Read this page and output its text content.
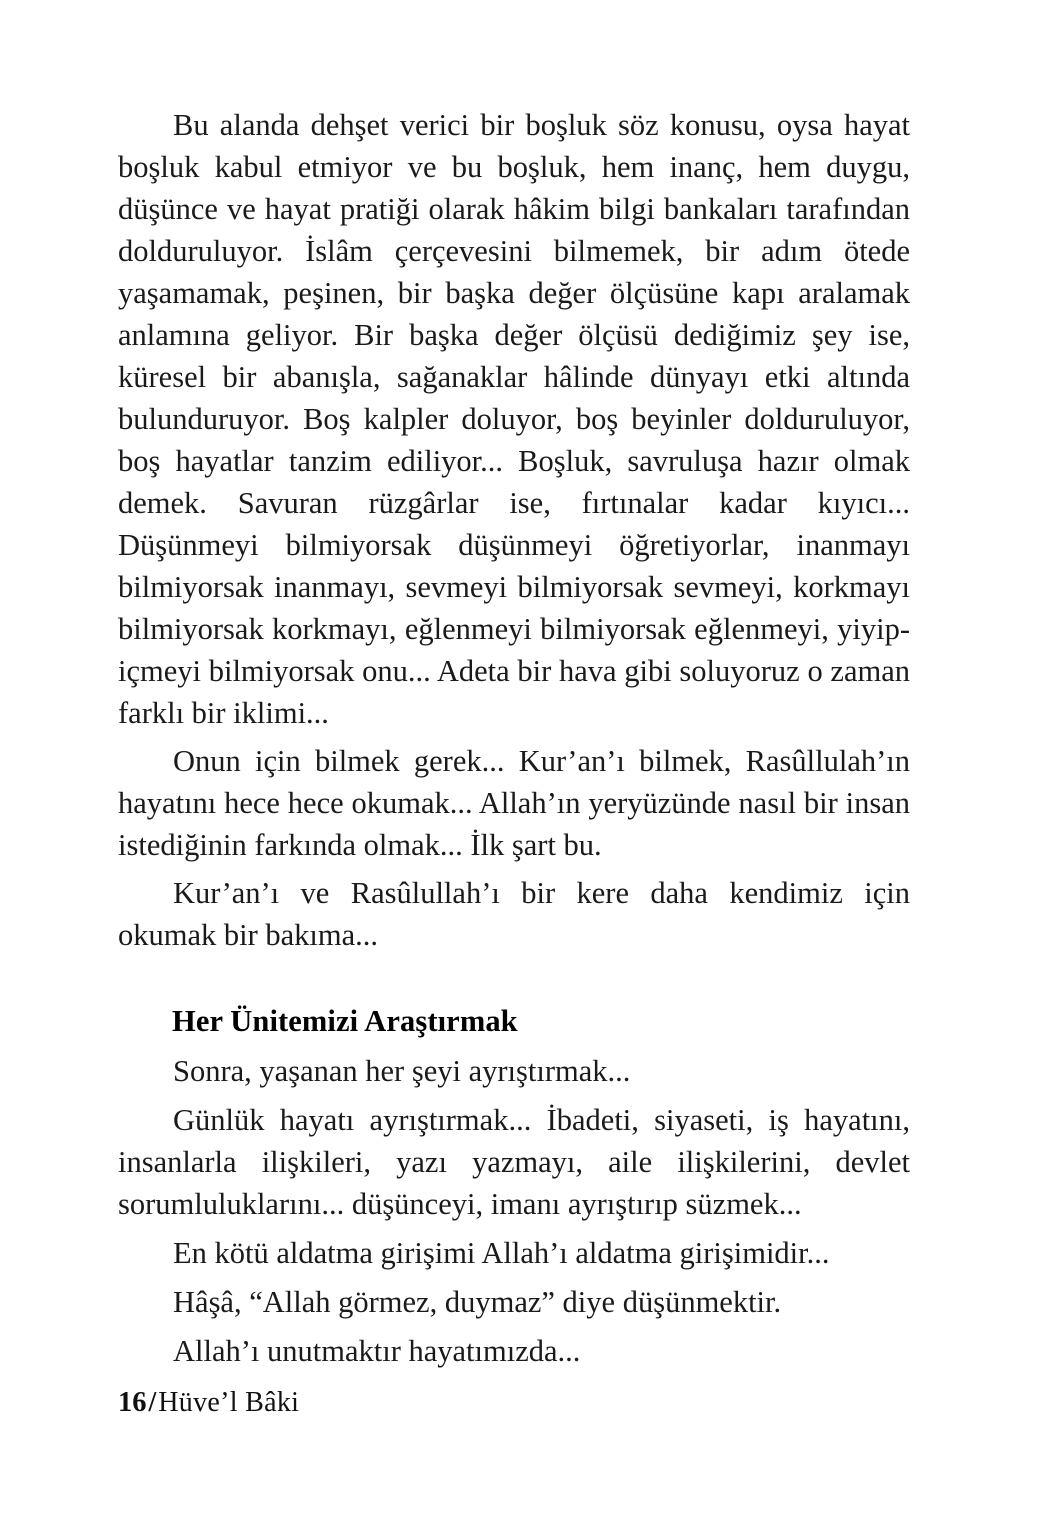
Bu alanda dehşet verici bir boşluk söz konusu, oysa hayat boşluk kabul etmiyor ve bu boşluk, hem inanç, hem duygu, düşünce ve hayat pratiği olarak hâkim bilgi bankaları tarafından dolduruluyor. İslâm çerçevesini bilmemek, bir adım ötede yaşamamak, peşinen, bir başka değer ölçüsüne kapı aralamak anlamına geliyor. Bir başka değer ölçüsü dediğimiz şey ise, küresel bir abanışla, sağanaklar hâlinde dünyayı etki altında bulunduruyor. Boş kalpler doluyor, boş beyinler dolduruluyor, boş hayatlar tanzim ediliyor... Boşluk, savruluşa hazır olmak demek. Savuran rüzgârlar ise, fırtınalar kadar kıyıcı... Düşünmeyi bilmiyorsak düşünmeyi öğretiyorlar, inanmayı bilmiyorsak inanmayı, sevmeyi bilmiyorsak sevmeyi, korkmayı bilmiyorsak korkmayı, eğlenmeyi bilmiyorsak eğlenmeyi, yiyip-içmeyi bilmiyorsak onu... Adeta bir hava gibi soluyoruz o zaman farklı bir iklimi...

Onun için bilmek gerek... Kur’an’ı bilmek, Rasûllulah’ın hayatını hece hece okumak... Allah’ın yeryüzünde nasıl bir insan istediğinin farkında olmak... İlk şart bu.

Kur’an’ı ve Rasûlullah’ı bir kere daha kendimiz için okumak bir bakıma...

Her Ünitemizi Araştırmak

Sonra, yaşanan her şeyi ayrıştırmak...

Günlük hayatı ayrıştırmak... İbadeti, siyaseti, iş hayatını, insanlarla ilişkileri, yazı yazmayı, aile ilişkilerini, devlet sorumluluklarını... düşünceyi, imanı ayrıştırıp süzmek...

En kötü aldatma girişimi Allah’ı aldatma girişimidir...

Hâşâ, “Allah görmez, duymaz” diye düşünmektir.

Allah’ı unutmaktır hayatımızda...

16/Hüve’l Bâki
